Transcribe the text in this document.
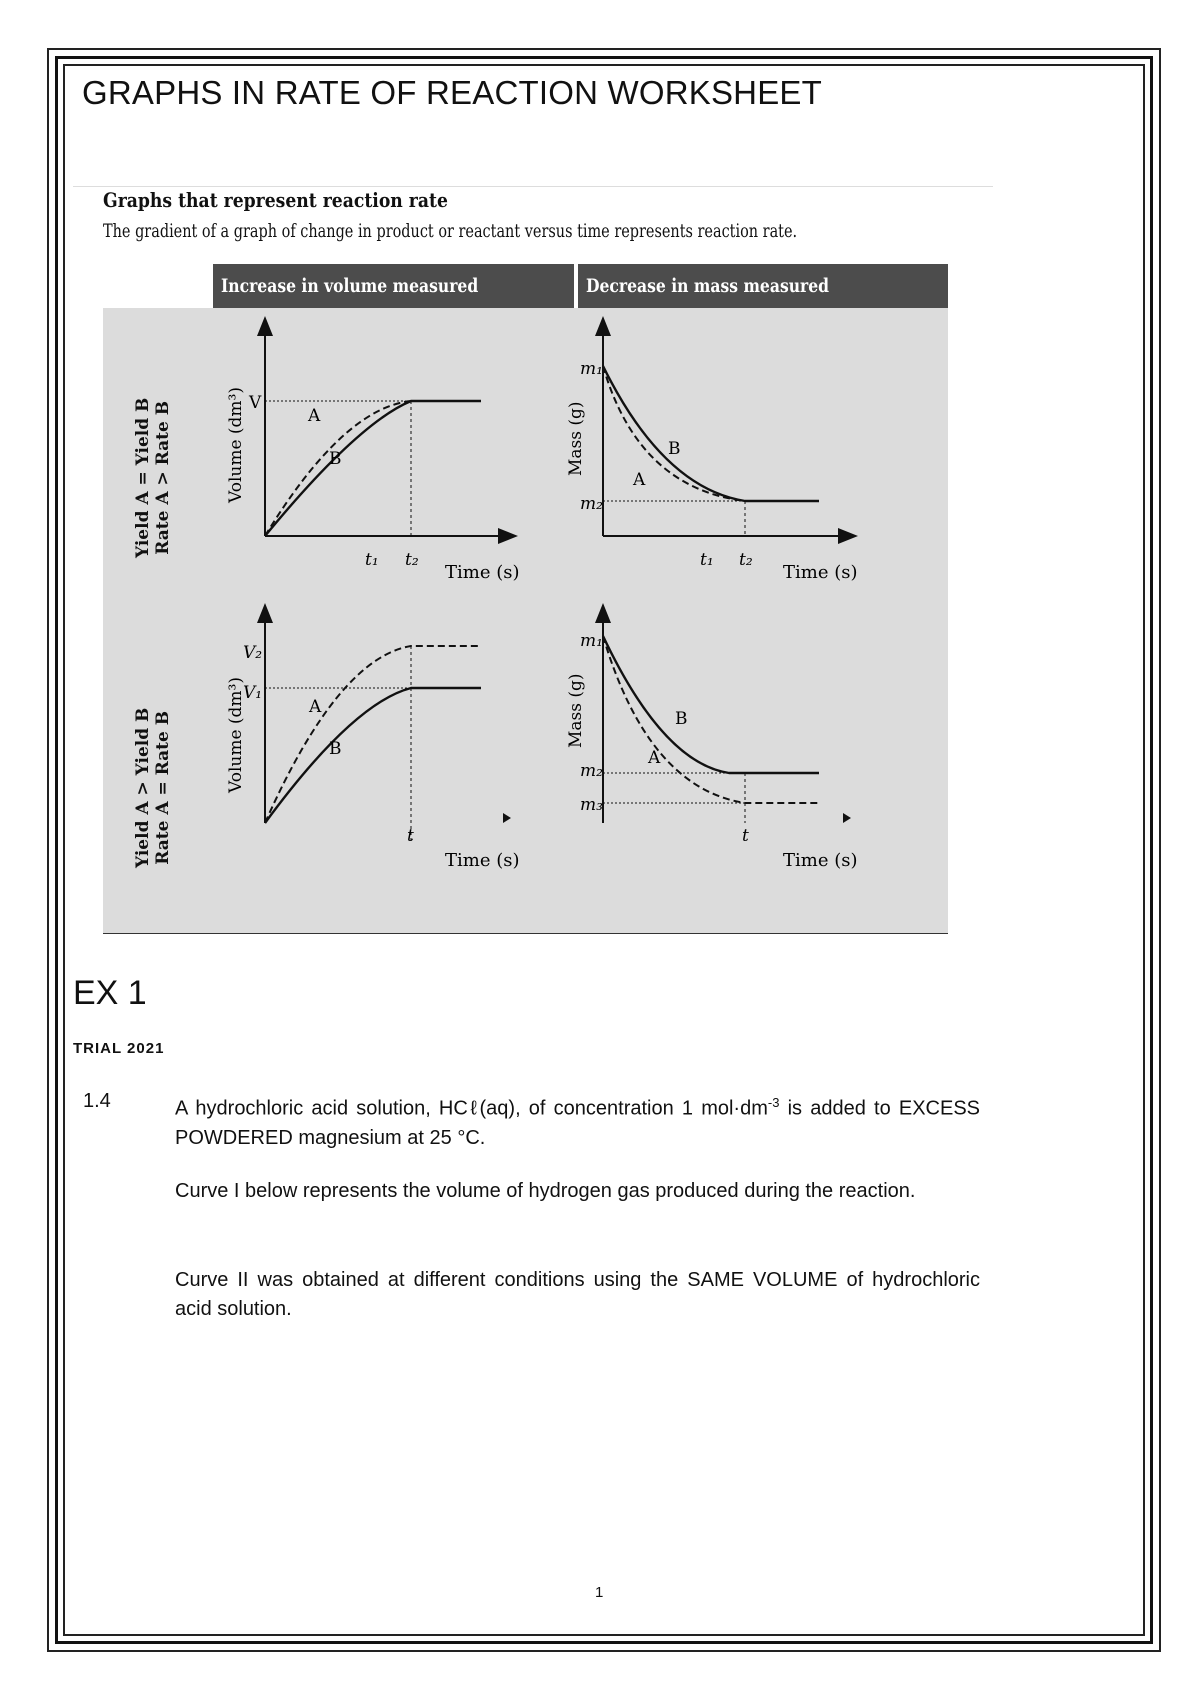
GRAPHS IN RATE OF REACTION WORKSHEET
Graphs that represent reaction rate
The gradient of a graph of change in product or reactant versus time represents reaction rate.
Increase in volume measured	Decrease in mass measured
Yield A = Yield B Rate A > Rate B
Yield A > Yield B Rate A = Rate B
V
A
B
t₁ t₂
Time (s)
Volume (dm³)
m₁
m₂
B
A
t₁ t₂
Time (s)
Mass (g)
V₂
V₁
A
B
t
Time (s)
Volume (dm³)
m₁
m₂
m₃
B
A
t
Time (s)
Mass (g)
EX 1
TRIAL 2021
1.4	A hydrochloric acid solution, HCℓ(aq), of concentration 1 $mol\cdot dm^{-3}$ is added to EXCESS POWDERED magnesium at 25 °C.
Curve I below represents the volume of hydrogen gas produced during the reaction.
Curve II was obtained at different conditions using the SAME VOLUME of hydrochloric acid solution.
1
